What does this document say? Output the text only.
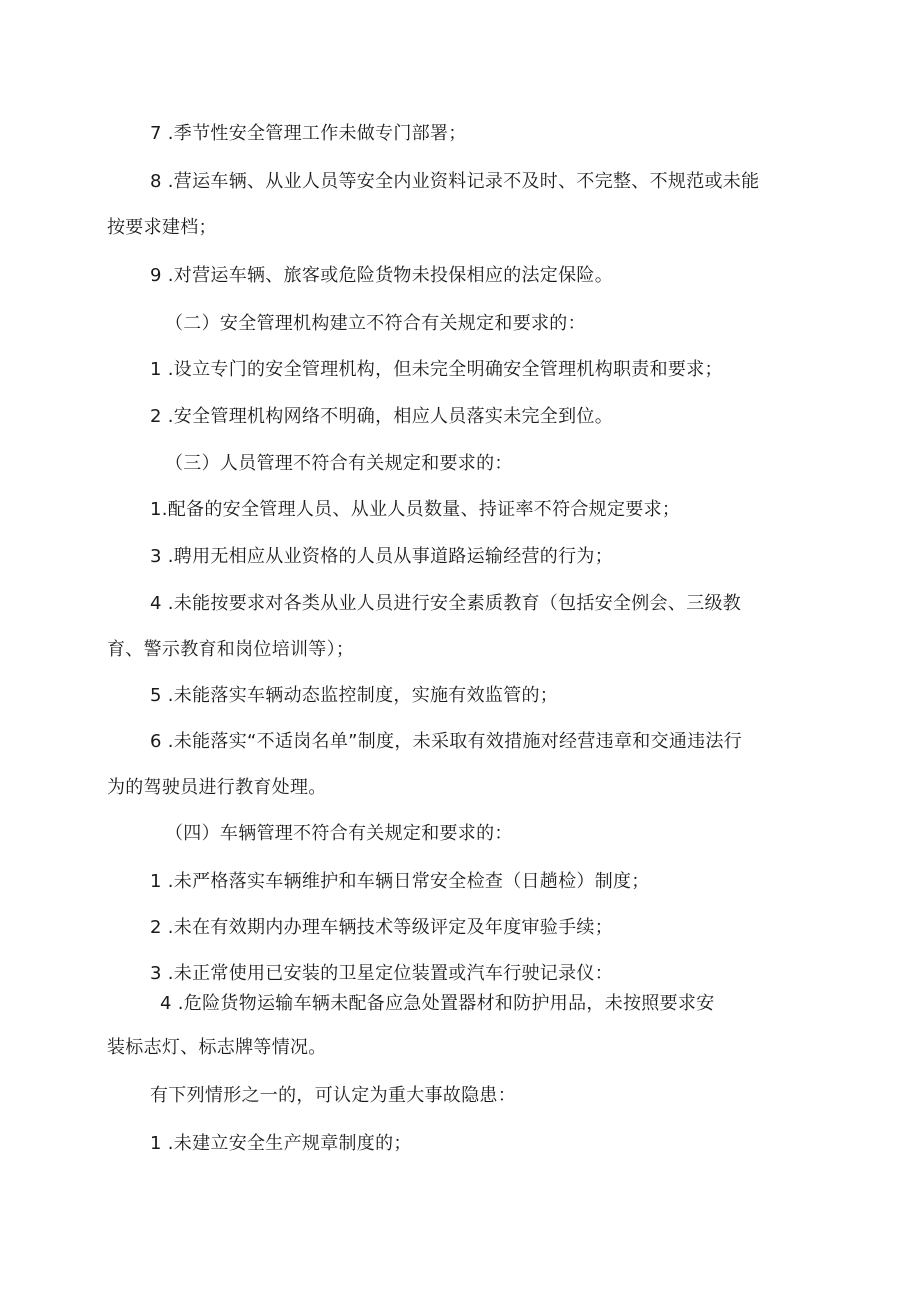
7 .季节性安全管理工作未做专门部署；
8 .营运车辆、从业人员等安全内业资料记录不及时、不完整、不规范或未能
按要求建档；
9 .对营运车辆、旅客或危险货物未投保相应的法定保险。
（二）安全管理机构建立不符合有关规定和要求的：
1 .设立专门的安全管理机构，但未完全明确安全管理机构职责和要求；
2 .安全管理机构网络不明确，相应人员落实未完全到位。
（三）人员管理不符合有关规定和要求的：
1.配备的安全管理人员、从业人员数量、持证率不符合规定要求；
3 .聘用无相应从业资格的人员从事道路运输经营的行为；
4 .未能按要求对各类从业人员进行安全素质教育（包括安全例会、三级教
育、警示教育和岗位培训等）；
5 .未能落实车辆动态监控制度，实施有效监管的；
6 .未能落实“不适岗名单”制度，未采取有效措施对经营违章和交通违法行
为的驾驶员进行教育处理。
（四）车辆管理不符合有关规定和要求的：
1 .未严格落实车辆维护和车辆日常安全检查（日趟检）制度；
2 .未在有效期内办理车辆技术等级评定及年度审验手续；
3 .未正常使用已安装的卫星定位装置或汽车行驶记录仪：
4 .危险货物运输车辆未配备应急处置器材和防护用品，未按照要求安
装标志灯、标志牌等情况。
有下列情形之一的，可认定为重大事故隐患：
1 .未建立安全生产规章制度的；
